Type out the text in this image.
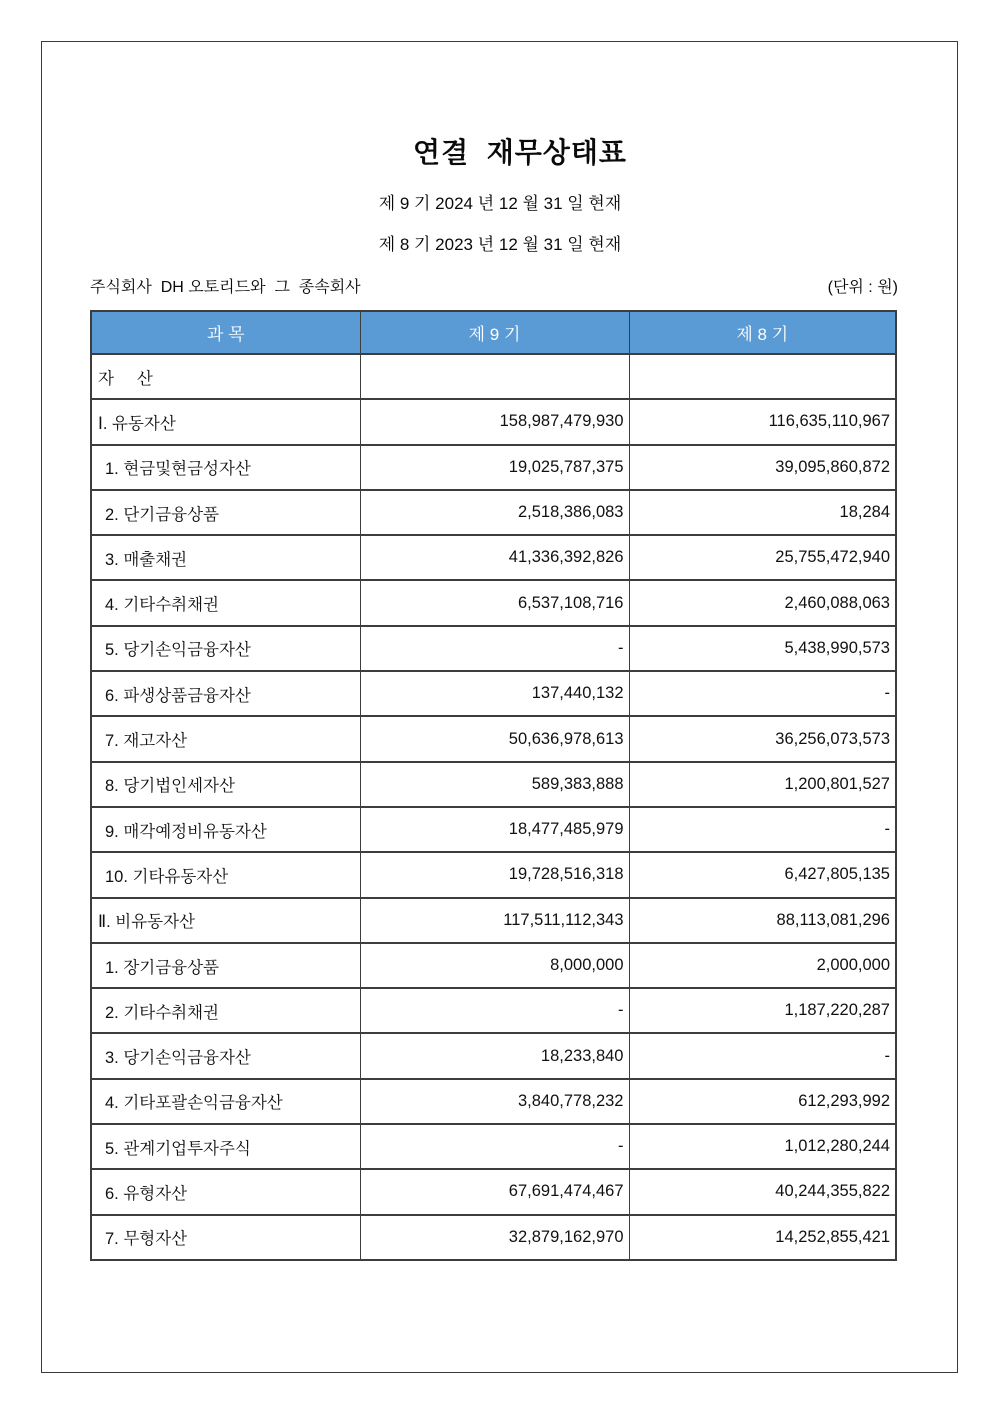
연결  재무상태표
제 9 기 2024 년 12 월 31 일 현재
제 8 기 2023 년 12 월 31 일 현재
주식회사  DH 오토리드와  그  종속회사	(단위 : 원)
과 목	제 9 기	제 8 기
자     산		
Ⅰ. 유동자산	158,987,479,930	116,635,110,967
1. 현금및현금성자산	19,025,787,375	39,095,860,872
2. 단기금융상품	2,518,386,083	18,284
3. 매출채권	41,336,392,826	25,755,472,940
4. 기타수취채권	6,537,108,716	2,460,088,063
5. 당기손익금융자산	-	5,438,990,573
6. 파생상품금융자산	137,440,132	-
7. 재고자산	50,636,978,613	36,256,073,573
8. 당기법인세자산	589,383,888	1,200,801,527
9. 매각예정비유동자산	18,477,485,979	-
10. 기타유동자산	19,728,516,318	6,427,805,135
Ⅱ. 비유동자산	117,511,112,343	88,113,081,296
1. 장기금융상품	8,000,000	2,000,000
2. 기타수취채권	-	1,187,220,287
3. 당기손익금융자산	18,233,840	-
4. 기타포괄손익금융자산	3,840,778,232	612,293,992
5. 관계기업투자주식	-	1,012,280,244
6. 유형자산	67,691,474,467	40,244,355,822
7. 무형자산	32,879,162,970	14,252,855,421
